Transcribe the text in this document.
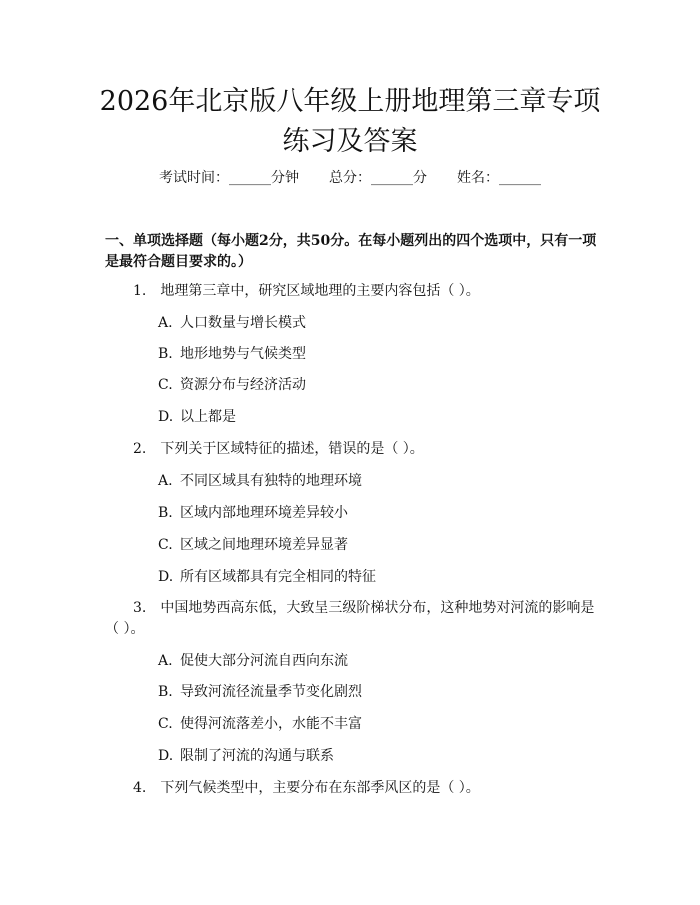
2026年北京版八年级上册地理第三章专项练习及答案
考试时间：______分钟 总分：______分 姓名：______

一、单项选择题（每小题2分，共50分。在每小题列出的四个选项中，只有一项是最符合题目要求的。）

1. 地理第三章中，研究区域地理的主要内容包括（ ）。

A. 人口数量与增长模式

B. 地形地势与气候类型

C. 资源分布与经济活动

D. 以上都是

2. 下列关于区域特征的描述，错误的是（ ）。

A. 不同区域具有独特的地理环境

B. 区域内部地理环境差异较小

C. 区域之间地理环境差异显著

D. 所有区域都具有完全相同的特征

3. 中国地势西高东低，大致呈三级阶梯状分布，这种地势对河流的影响是（ ）。

A. 促使大部分河流自西向东流

B. 导致河流径流量季节变化剧烈

C. 使得河流落差小，水能不丰富

D. 限制了河流的沟通与联系

4. 下列气候类型中，主要分布在东部季风区的是（ ）。
